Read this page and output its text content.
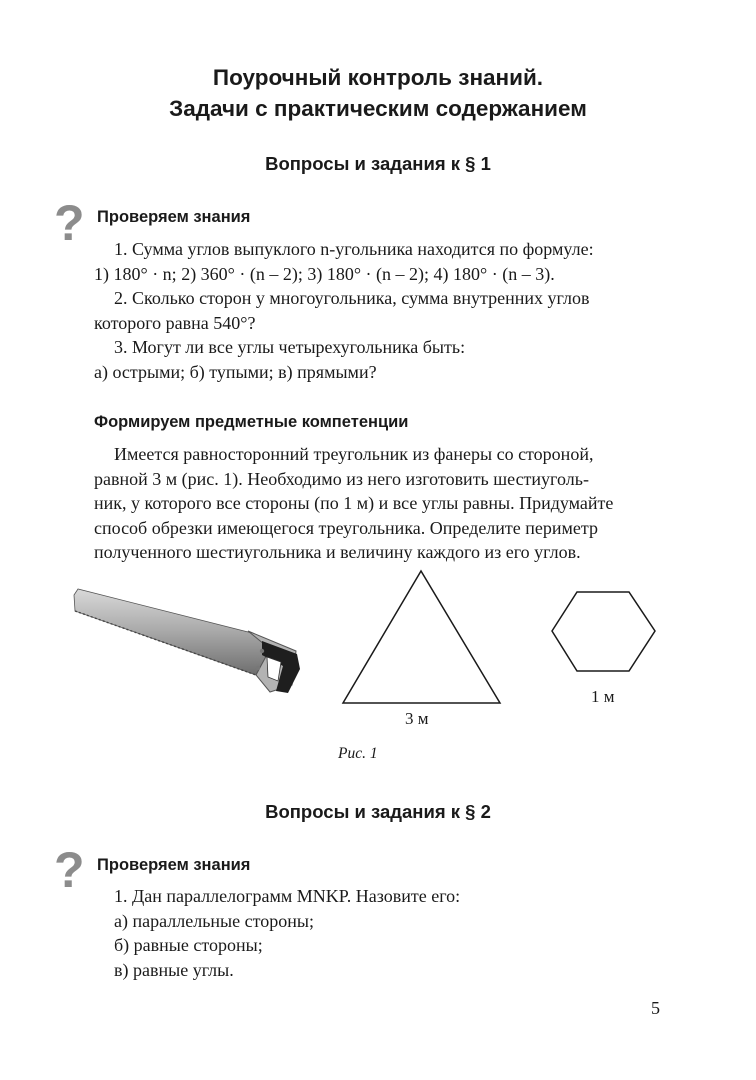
Поурочный контроль знаний.
Задачи с практическим содержанием
Вопросы и задания к § 1
? Проверяем знания
1. Сумма углов выпуклого n-угольника находится по формуле:
1) 180° · n; 2) 360° · (n – 2); 3) 180° · (n – 2); 4) 180° · (n – 3).
2. Сколько сторон у многоугольника, сумма внутренних углов
которого равна 540°?
3. Могут ли все углы четырехугольника быть:
а) острыми; б) тупыми; в) прямыми?
Формируем предметные компетенции
Имеется равносторонний треугольник из фанеры со стороной,
равной 3 м (рис. 1). Необходимо из него изготовить шестиуголь-
ник, у которого все стороны (по 1 м) и все углы равны. Придумайте
способ обрезки имеющегося треугольника. Определите периметр
полученного шестиугольника и величину каждого из его углов.
3 м
1 м
Рис. 1
Вопросы и задания к § 2
? Проверяем знания
1. Дан параллелограмм MNKP. Назовите его:
а) параллельные стороны;
б) равные стороны;
в) равные углы.
5
